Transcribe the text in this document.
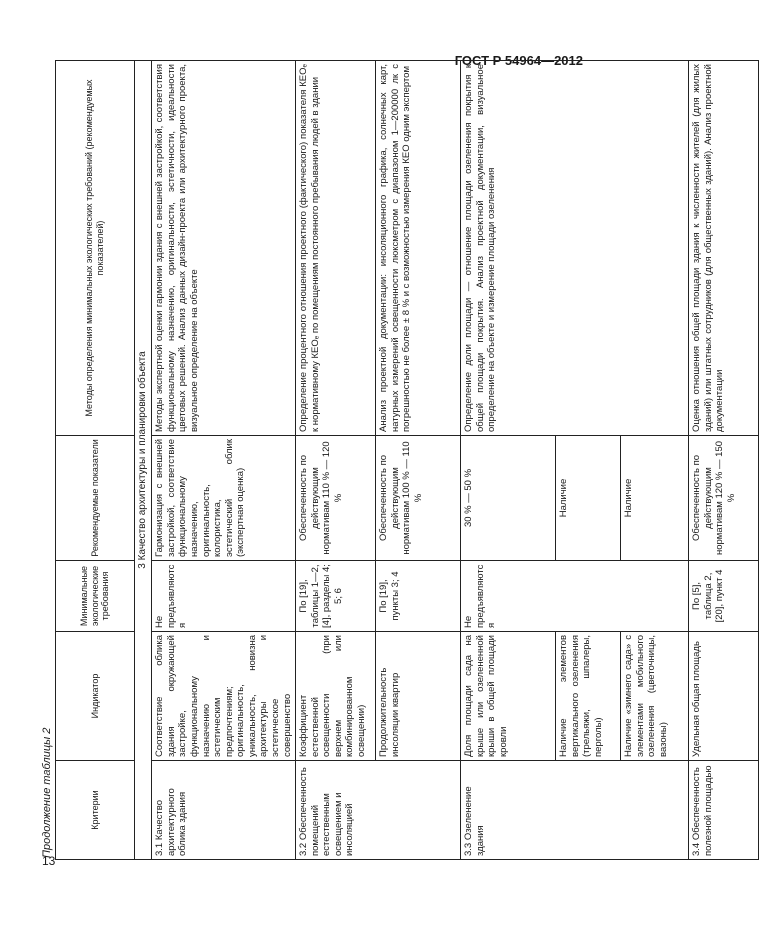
ГОСТ Р 54964—2012
Продолжение таблицы 2	Критерии	Индикатор	Минимальные экологические требования	Рекомендуемые показатели	Методы определения минимальных экологических требований (рекомендуемых показателей)
3 Качество архитектуры и планировки объекта				
3.1 Качество архитектурного облика здания	Соответствие облика здания окружающей застройке, функциональному назначению и эстетическим предпочтениям; оригинальность, уникальность, новизна архитектуры и эстетическое совершенство	Не предъявляются	Гармонизация с внешней застройкой, соответствие функциональному назначению, оригинальность, колористика, эстетический облик (экспертная оценка)	Методы экспертной оценки гармонии здания с внешней застройкой, соответствия функциональному назначению, оригинальности, эстетичности, идеальности цветовых решений. Анализ данных дизайн-проекта или архитектурного проекта, визуальное определение на объекте
3.2 Обеспеченность помещений естественным освещением и инсоляцией	Коэффициент естественной освещенности (при верхнем или комбинированном освещении)	По [19], таблицы 1—2, [4], разделы 4; 5; 6	Обеспеченность по действующим нормативам 110 % — 120 %	Определение процентного отношения проектного (фактического) показателя КЕОₑ к нормативному КЕОₑ по помещениям постоянного пребывания людей в здании
	Продолжительность инсоляции квартир	По [19], пункты 3; 4	Обеспеченность по действующим нормативам 100 % — 110 %	Анализ проектной документации: инсоляционного графика, солнечных карт, натурных измерений освещенности люксметром с диапазоном 1—200000 лк с погрешностью не более ± 8 % и с возможностью измерения КЕО одним экспертом
3.3 Озеленение здания	Доля площади сада на крыше или озелененной крыши в общей площади кровли	Не предъявляются	30 % — 50 %	Определение доли площади — отношение площади озеленения покрытия к общей площади покрытия. Анализ проектной документации, визуальное определение на объекте и измерение площади озеленения
	Наличие элементов вертикального озеленения (трельяжи, шпалеры, перголы)		Наличие	
	Наличие «зимнего сада» с элементами мобильного озеленения (цветочницы, вазоны)		Наличие	
3.4 Обеспеченность полезной площадью	Удельная общая площадь	По [5], таблица 2, [20], пункт 4	Обеспеченность по действующим нормативам 120 % — 150 %	Оценка отношения общей площади здания к численности жителей (для жилых зданий) или штатных сотрудников (для общественных зданий). Анализ проектной документации
13
